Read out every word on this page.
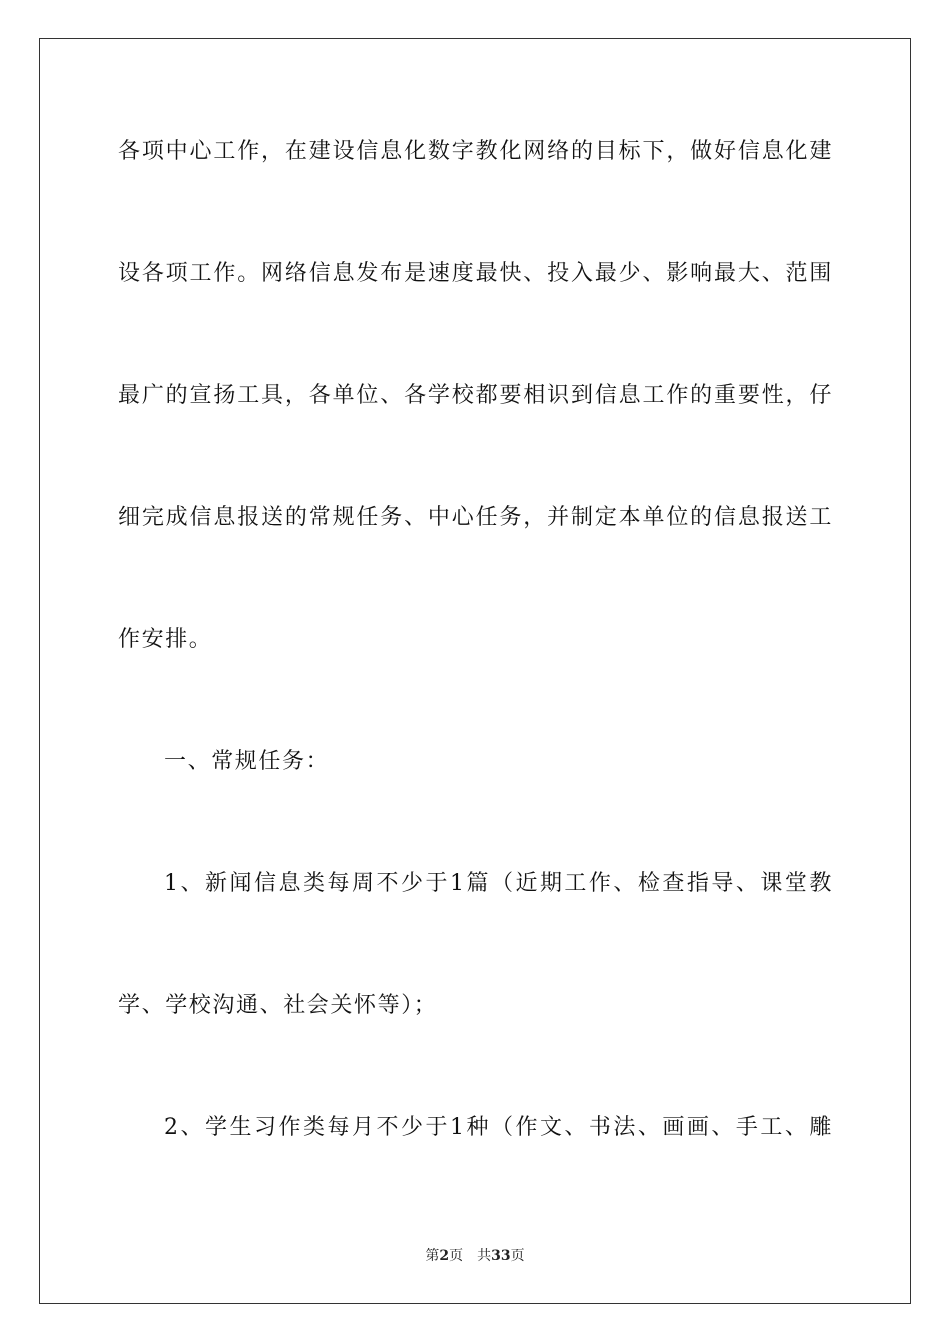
各项中心工作，在建设信息化数字教化网络的目标下，做好信息化建
设各项工作。网络信息发布是速度最快、投入最少、影响最大、范围
最广的宣扬工具，各单位、各学校都要相识到信息工作的重要性，仔
细完成信息报送的常规任务、中心任务，并制定本单位的信息报送工
作安排。
一、常规任务：
1、新闻信息类每周不少于1篇（近期工作、检查指导、课堂教
学、学校沟通、社会关怀等）；
2、学生习作类每月不少于1种（作文、书法、画画、手工、雕
第2页 共33页
